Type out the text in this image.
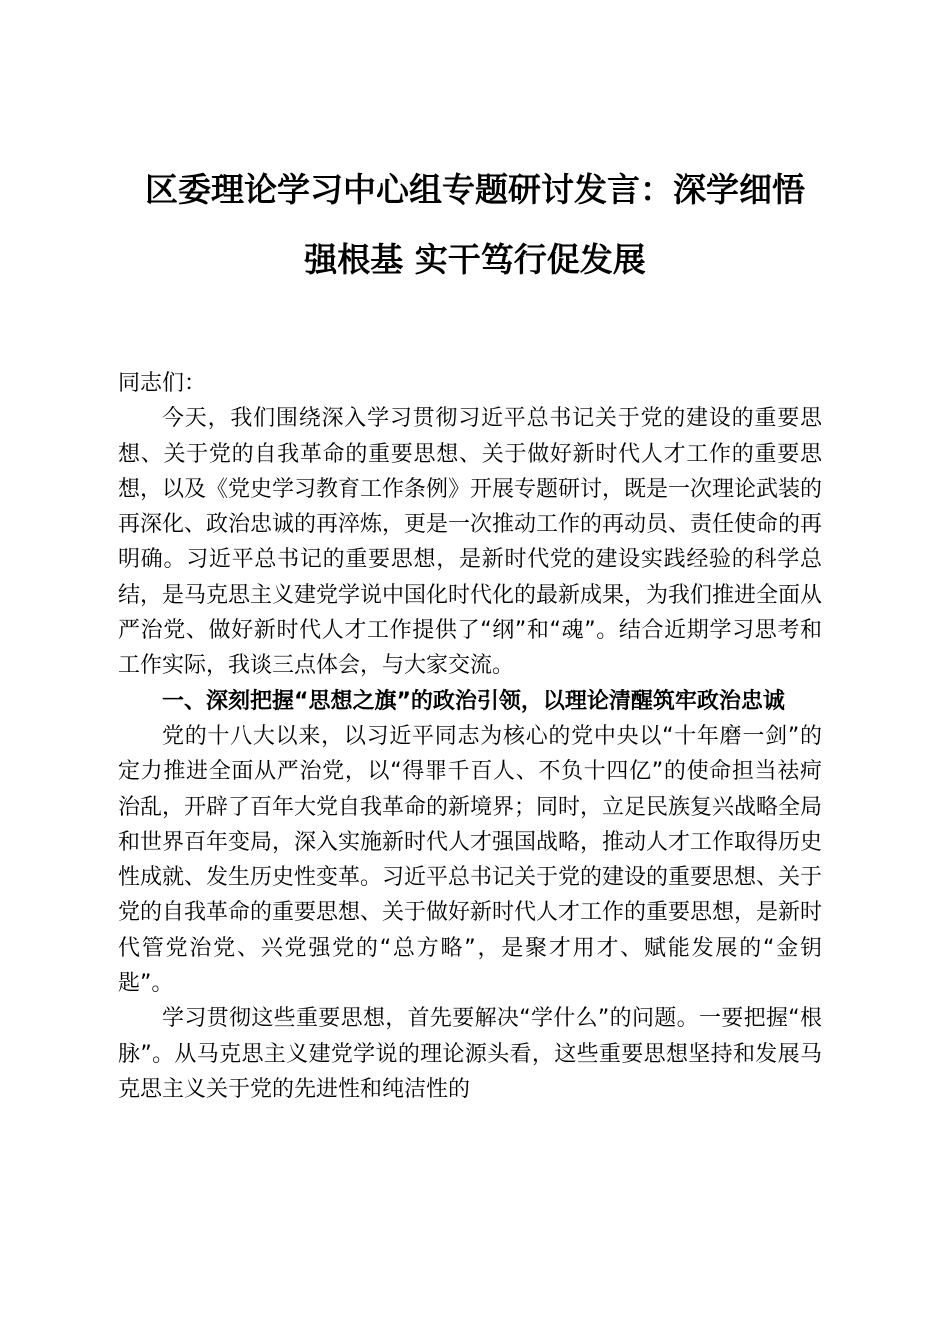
区委理论学习中心组专题研讨发言：深学细悟
强根基 实干笃行促发展

同志们：

今天，我们围绕深入学习贯彻习近平总书记关于党的建设的重要思想、关于党的自我革命的重要思想、关于做好新时代人才工作的重要思想，以及《党史学习教育工作条例》开展专题研讨，既是一次理论武装的再深化、政治忠诚的再淬炼，更是一次推动工作的再动员、责任使命的再明确。习近平总书记的重要思想，是新时代党的建设实践经验的科学总结，是马克思主义建党学说中国化时代化的最新成果，为我们推进全面从严治党、做好新时代人才工作提供了“纲”和“魂”。结合近期学习思考和工作实际，我谈三点体会，与大家交流。

一、深刻把握“思想之旗”的政治引领，以理论清醒筑牢政治忠诚

党的十八大以来，以习近平同志为核心的党中央以“十年磨一剑”的定力推进全面从严治党，以“得罪千百人、不负十四亿”的使命担当祛疴治乱，开辟了百年大党自我革命的新境界；同时，立足民族复兴战略全局和世界百年变局，深入实施新时代人才强国战略，推动人才工作取得历史性成就、发生历史性变革。习近平总书记关于党的建设的重要思想、关于党的自我革命的重要思想、关于做好新时代人才工作的重要思想，是新时代管党治党、兴党强党的“总方略”，是聚才用才、赋能发展的“金钥匙”。

学习贯彻这些重要思想，首先要解决“学什么”的问题。一要把握“根脉”。从马克思主义建党学说的理论源头看，这些重要思想坚持和发展马克思主义关于党的先进性和纯洁性的
